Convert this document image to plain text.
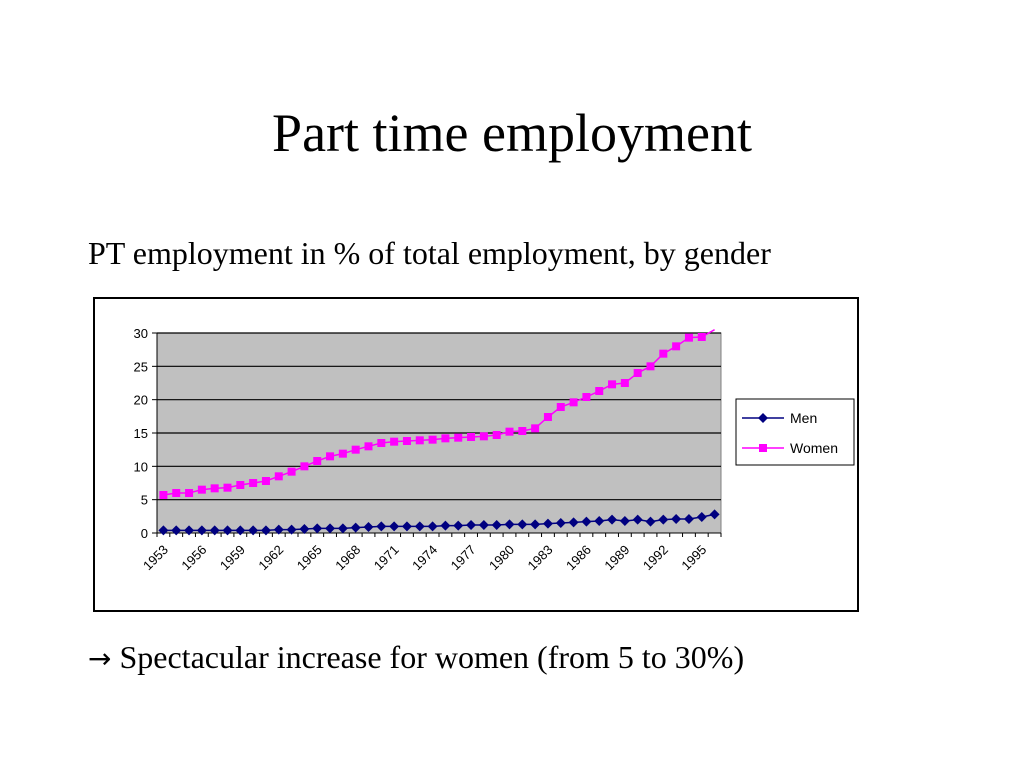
Part time employment
PT employment in % of total employment, by gender
0
5
10
15
20
25
30
1953 1956 1959 1962 1965 1968 1971 1974 1977 1980 1983 1986 1989 1992 1995
Men
Women
→ Spectacular increase for women (from 5 to 30%)
